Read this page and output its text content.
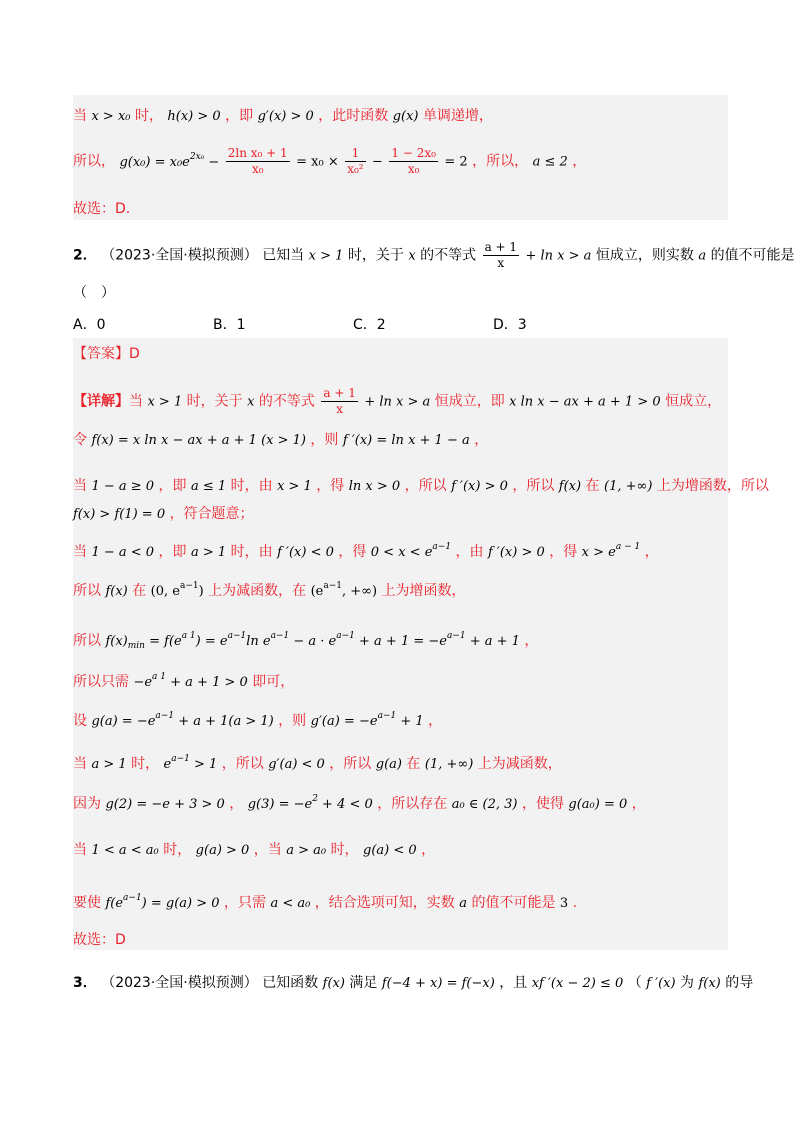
当 x > x₀ 时， h(x) > 0 ，即 g′(x) > 0 ，此时函数 g(x) 单调递增，
所以， $g(x_0) = x_0e^{2x_0} - \frac{\text{2ln x₀ + 1}}{\text{x₀}} = x_0 \times \frac{1}{\text{x₀²}} - \frac{\text{1 − 2x₀}}{\text{x₀}} = 2$ ，所以， a ≤ 2 ，
故选：D.
2． （2023·全国·模拟预测） 已知当 x > 1 时，关于 x 的不等式 $\frac{a + 1}{x} + \ln x > a$ 恒成立，则实数 a 的值不可能是
（　）
A．0	B．1	C．2	D．3
【答案】D
【详解】当 x > 1 时，关于 x 的不等式 $\frac{a + 1}{x} + \ln x > a$ 恒成立，即 x ln x − ax + a + 1 > 0 恒成立，
令 f(x) = x ln x − ax + a + 1 (x > 1) ，则 f ′(x) = ln x + 1 − a ，
当 1 − a ≥ 0 ，即 a ≤ 1 时，由 x > 1 ，得 ln x > 0 ，所以 f ′(x) > 0 ，所以 f(x) 在 (1, +∞) 上为增函数，所以
f(x) > f(1) = 0 ，符合题意；
当 1 − a < 0 ，即 a > 1 时，由 f ′(x) < 0 ，得 $0 < x < e^{a-1}$ ，由 f ′(x) > 0 ，得 $x > e^{a - 1}$ ，
所以 f(x) 在 (0, $e^{a-1}$) 上为减函数，在 ($e^{a-1}$, +∞) 上为增函数，
所以 $f(x)_{min} = f(e^{a 1}) = e^{a-1}\ln$ $e^{a-1} - a \cdot e^{a-1} + a + 1 = -e^{a-1} + a + 1$ ，
所以只需 $-e^{a 1} + a + 1 > 0$ 即可，
设 $g(a) = -e^{a-1} + a + 1(a > 1)$ ，则 $g'(a) = -e^{a-1} + 1$ ，
当 a > 1 时， $e^{a-1} > 1$ ，所以 g′(a) < 0 ，所以 g(a) 在 (1, +∞) 上为减函数，
因为 g(2) = −e + 3 > 0 ， $g(3) = -e^2 + 4 < 0$ ，所以存在 a₀ ∈ (2, 3) ，使得 g(a₀) = 0 ，
当 1 < a < a₀ 时， g(a) > 0 ，当 a > a₀ 时， g(a) < 0 ，
要使 $f(e^{a-1}) = g(a) > 0$ ，只需 a < a₀ ，结合选项可知，实数 a 的值不可能是 3 .
故选：D
3． （2023·全国·模拟预测） 已知函数 f(x) 满足 f(−4 + x) = f(−x) ，且 xf ′(x − 2) ≤ 0 （ f ′(x) 为 f(x) 的导
